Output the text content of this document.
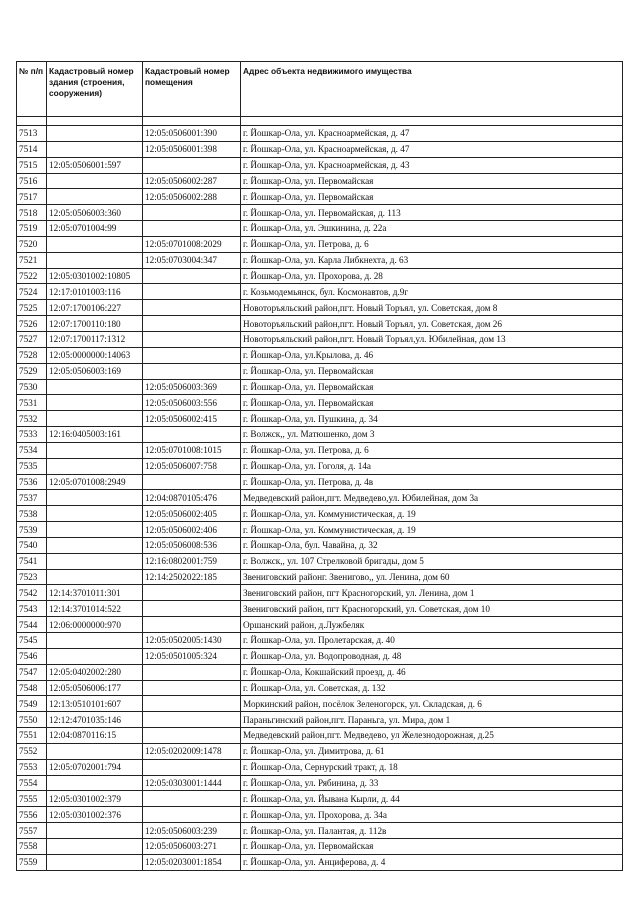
№ п/п	Кадастровый номер здания (строения, сооружения)	Кадастровый номер помещения	Адрес объекта недвижимого имущества

7513		12:05:0506001:390	г. Йошкар-Ола, ул. Красноармейская, д. 47
7514		12:05:0506001:398	г. Йошкар-Ола, ул. Красноармейская, д. 47
7515	12:05:0506001:597		г. Йошкар-Ола, ул. Красноармейская, д. 43
7516		12:05:0506002:287	г. Йошкар-Ола, ул. Первомайская
7517		12:05:0506002:288	г. Йошкар-Ола, ул. Первомайская
7518	12:05:0506003:360		г. Йошкар-Ола, ул. Первомайская, д. 113
7519	12:05:0701004:99		г. Йошкар-Ола, ул. Эшкинина, д. 22а
7520		12:05:0701008:2029	г. Йошкар-Ола, ул. Петрова, д. 6
7521		12:05:0703004:347	г. Йошкар-Ола, ул. Карла Либкнехта, д. 63
7522	12:05:0301002:10805		г. Йошкар-Ола, ул. Прохорова, д. 28
7524	12:17:0101003:116		г. Козьмодемьянск, бул. Космонавтов, д.9г
7525	12:07:1700106:227		Новоторъяльский район,пгт. Новый Торъял, ул. Советская, дом 8
7526	12:07:1700110:180		Новоторъяльский район,пгт. Новый Торъял, ул. Советская, дом 26
7527	12:07:1700117:1312		Новоторъяльский район,пгт. Новый Торъял,ул. Юбилейная, дом 13
7528	12:05:0000000:14063		г. Йошкар-Ола, ул.Крылова, д. 46
7529	12:05:0506003:169		г. Йошкар-Ола, ул. Первомайская
7530		12:05:0506003:369	г. Йошкар-Ола, ул. Первомайская
7531		12:05:0506003:556	г. Йошкар-Ола, ул. Первомайская
7532		12:05:0506002:415	г. Йошкар-Ола, ул. Пушкина, д. 34
7533	12:16:0405003:161		г. Волжск,, ул. Матюшенко, дом 3
7534		12:05:0701008:1015	г. Йошкар-Ола, ул. Петрова, д. 6
7535		12:05:0506007:758	г. Йошкар-Ола, ул. Гоголя, д. 14а
7536	12:05:0701008:2949		г. Йошкар-Ола, ул. Петрова, д. 4в
7537		12:04:0870105:476	Медведевский район,пгт. Медведево,ул. Юбилейная, дом 3а
7538		12:05:0506002:405	г. Йошкар-Ола, ул. Коммунистическая, д. 19
7539		12:05:0506002:406	г. Йошкар-Ола, ул. Коммунистическая, д. 19
7540		12:05:0506008:536	г. Йошкар-Ола, бул. Чавайна, д. 32
7541		12:16:0802001:759	г. Волжск,, ул. 107 Стрелковой бригады, дом 5
7523		12:14:2502022:185	Звениговский районг. Звенигово,, ул. Ленина, дом 60
7542	12:14:3701011:301		Звениговский район, пгт Красногорский, ул. Ленина, дом 1
7543	12:14:3701014:522		Звениговский район, пгт Красногорский, ул. Советская, дом 10
7544	12:06:0000000:970		Оршанский район, д.Лужбеляк
7545		12:05:0502005:1430	г. Йошкар-Ола, ул. Пролетарская, д. 40
7546		12:05:0501005:324	г. Йошкар-Ола, ул. Водопроводная, д. 48
7547	12:05:0402002:280		г. Йошкар-Ола, Кокшайский проезд, д. 46
7548	12:05:0506006:177		г. Йошкар-Ола, ул. Советская, д. 132
7549	12:13:0510101:607		Моркинский район, посёлок Зеленогорск, ул. Складская, д. 6
7550	12:12:4701035:146		Параньгинский район,пгт. Параньга, ул. Мира, дом 1
7551	12:04:0870116:15		Медведевский район,пгт. Медведево, ул Железнодорожная, д.25
7552		12:05:0202009:1478	г. Йошкар-Ола, ул. Димитрова, д. 61
7553	12:05:0702001:794		г. Йошкар-Ола, Сернурский тракт, д. 18
7554		12:05:0303001:1444	г. Йошкар-Ола, ул. Рябинина, д. 33
7555	12:05:0301002:379		г. Йошкар-Ола, ул. Йывана Кырли, д. 44
7556	12:05:0301002:376		г. Йошкар-Ола, ул. Прохорова, д. 34а
7557		12:05:0506003:239	г. Йошкар-Ола, ул. Палантая, д. 112в
7558		12:05:0506003:271	г. Йошкар-Ола, ул. Первомайская
7559		12:05:0203001:1854	г. Йошкар-Ола, ул. Анциферова, д. 4
